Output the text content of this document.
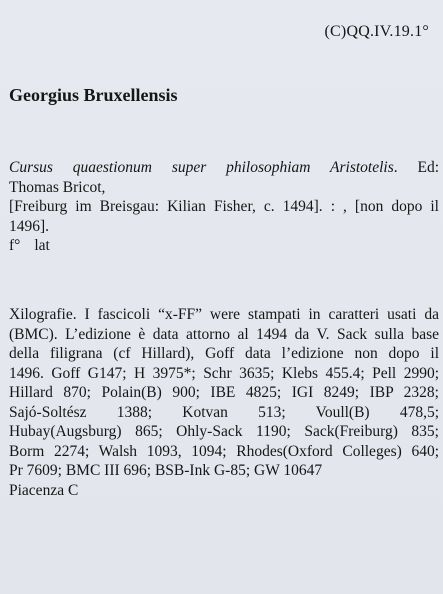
(C)QQ.IV.19.1°
Georgius Bruxellensis
Cursus quaestionum super philosophiam Aristotelis. Ed:
Thomas Bricot,
[Freiburg im Breisgau: Kilian Fisher, c. 1494]. : , [non dopo il
1496].
f° lat
Xilografie. I fascicoli “x-FF” were stampati in caratteri usati da
(BMC). L’edizione è data attorno al 1494 da V. Sack sulla base
della filigrana (cf Hillard), Goff data l’edizione non dopo il
1496. Goff G147; H 3975*; Schr 3635; Klebs 455.4; Pell 2990;
Hillard 870; Polain(B) 900; IBE 4825; IGI 8249; IBP 2328;
Sajó-Soltész 1388; Kotvan 513; Voull(B) 478,5;
Hubay(Augsburg) 865; Ohly-Sack 1190; Sack(Freiburg) 835;
Borm 2274; Walsh 1093, 1094; Rhodes(Oxford Colleges) 640;
Pr 7609; BMC III 696; BSB-Ink G-85; GW 10647
Piacenza C
